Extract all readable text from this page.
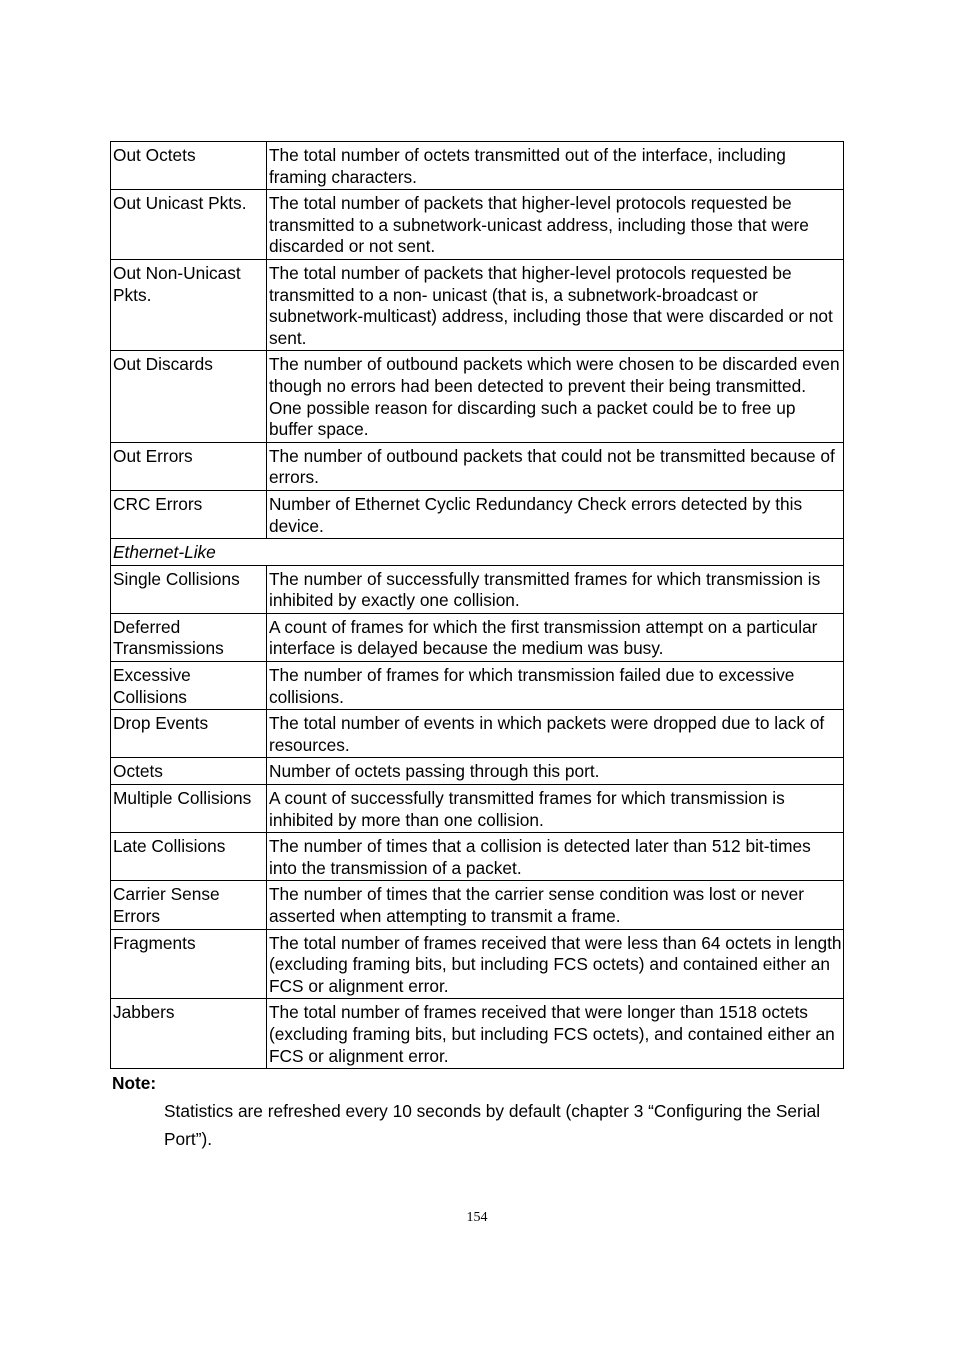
Out Octets	The total number of octets transmitted out of the interface, including framing characters.
Out Unicast Pkts.	The total number of packets that higher-level protocols requested be transmitted to a subnetwork-unicast address, including those that were discarded or not sent.
Out Non-Unicast Pkts.	The total number of packets that higher-level protocols requested be transmitted to a non- unicast (that is, a subnetwork-broadcast or subnetwork-multicast) address, including those that were discarded or not sent.
Out Discards	The number of outbound packets which were chosen to be discarded even though no errors had been detected to prevent their being transmitted. One possible reason for discarding such a packet could be to free up buffer space.
Out Errors	The number of outbound packets that could not be transmitted because of errors.
CRC Errors	Number of Ethernet Cyclic Redundancy Check errors detected by this device.
Ethernet-Like	
Single Collisions	The number of successfully transmitted frames for which transmission is inhibited by exactly one collision.
Deferred Transmissions	A count of frames for which the first transmission attempt on a particular interface is delayed because the medium was busy.
Excessive Collisions	The number of frames for which transmission failed due to excessive collisions.
Drop Events	The total number of events in which packets were dropped due to lack of resources.
Octets	Number of octets passing through this port.
Multiple Collisions	A count of successfully transmitted frames for which transmission is inhibited by more than one collision.
Late Collisions	The number of times that a collision is detected later than 512 bit-times into the transmission of a packet.
Carrier Sense Errors	The number of times that the carrier sense condition was lost or never asserted when attempting to transmit a frame.
Fragments	The total number of frames received that were less than 64 octets in length (excluding framing bits, but including FCS octets) and contained either an FCS or alignment error.
Jabbers	The total number of frames received that were longer than 1518 octets (excluding framing bits, but including FCS octets), and contained either an FCS or alignment error.

Note:

Statistics are refreshed every 10 seconds by default (chapter 3 “Configuring the Serial Port”).

154
